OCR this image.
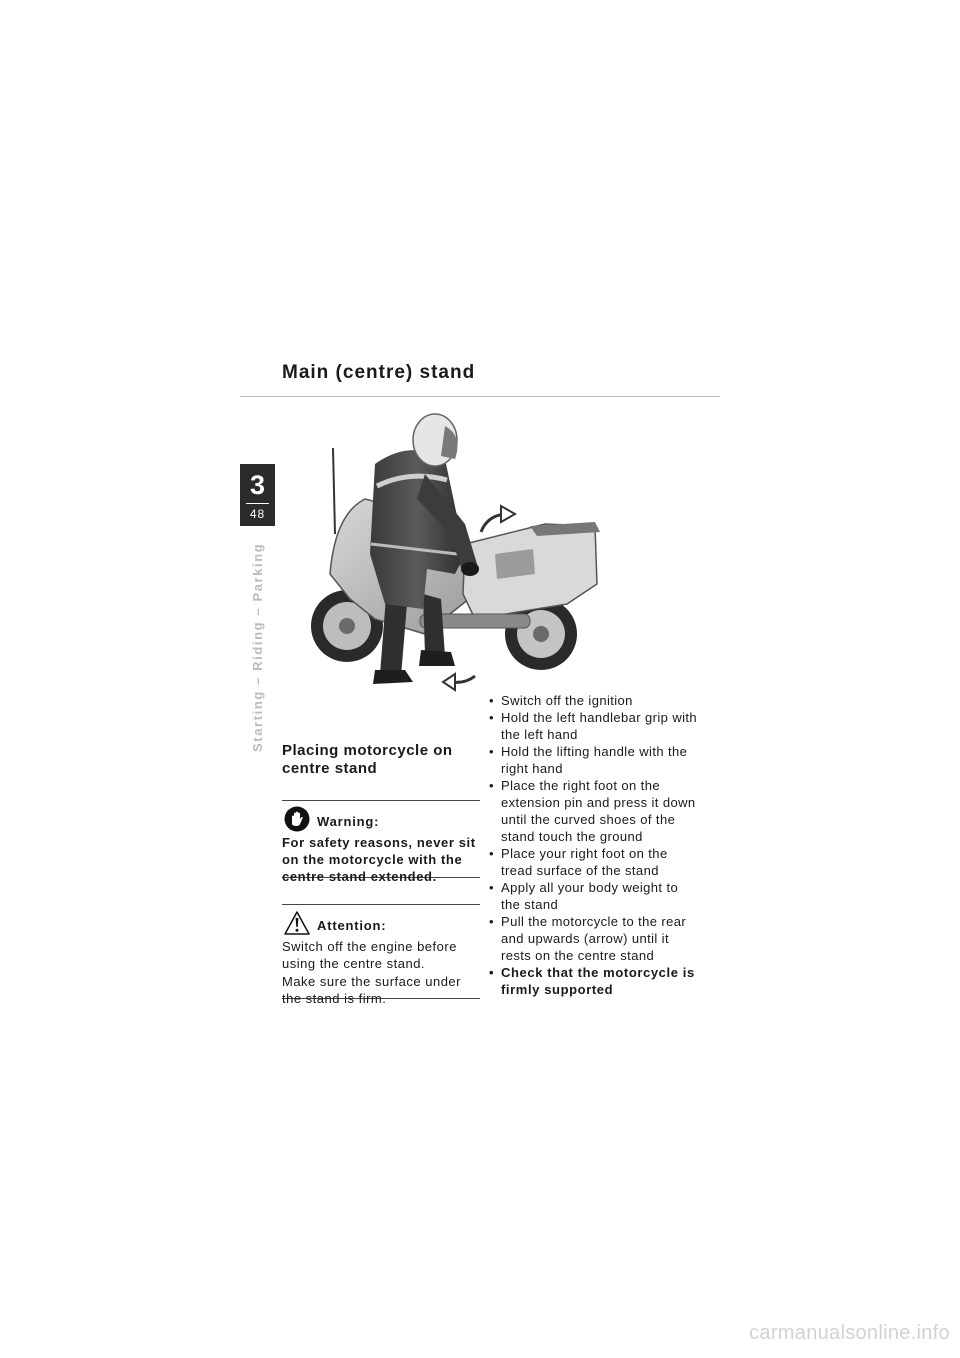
Main (centre) stand
3
48
Starting – Riding – Parking Placing motorcycle on centre stand
Warning:
For safety reasons, never sit on the motorcycle with the centre stand extended.
Attention:
Switch off the engine before using the centre stand.
Make sure the surface under the stand is firm.
• Switch off the ignition
• Hold the left handlebar grip with the left hand
• Hold the lifting handle with the right hand
• Place the right foot on the extension pin and press it down until the curved shoes of the stand touch the ground
• Place your right foot on the tread surface of the stand
• Apply all your body weight to the stand
• Pull the motorcycle to the rear and upwards (arrow) until it rests on the centre stand
• Check that the motorcycle is firmly supported
carmanualsonline.info
